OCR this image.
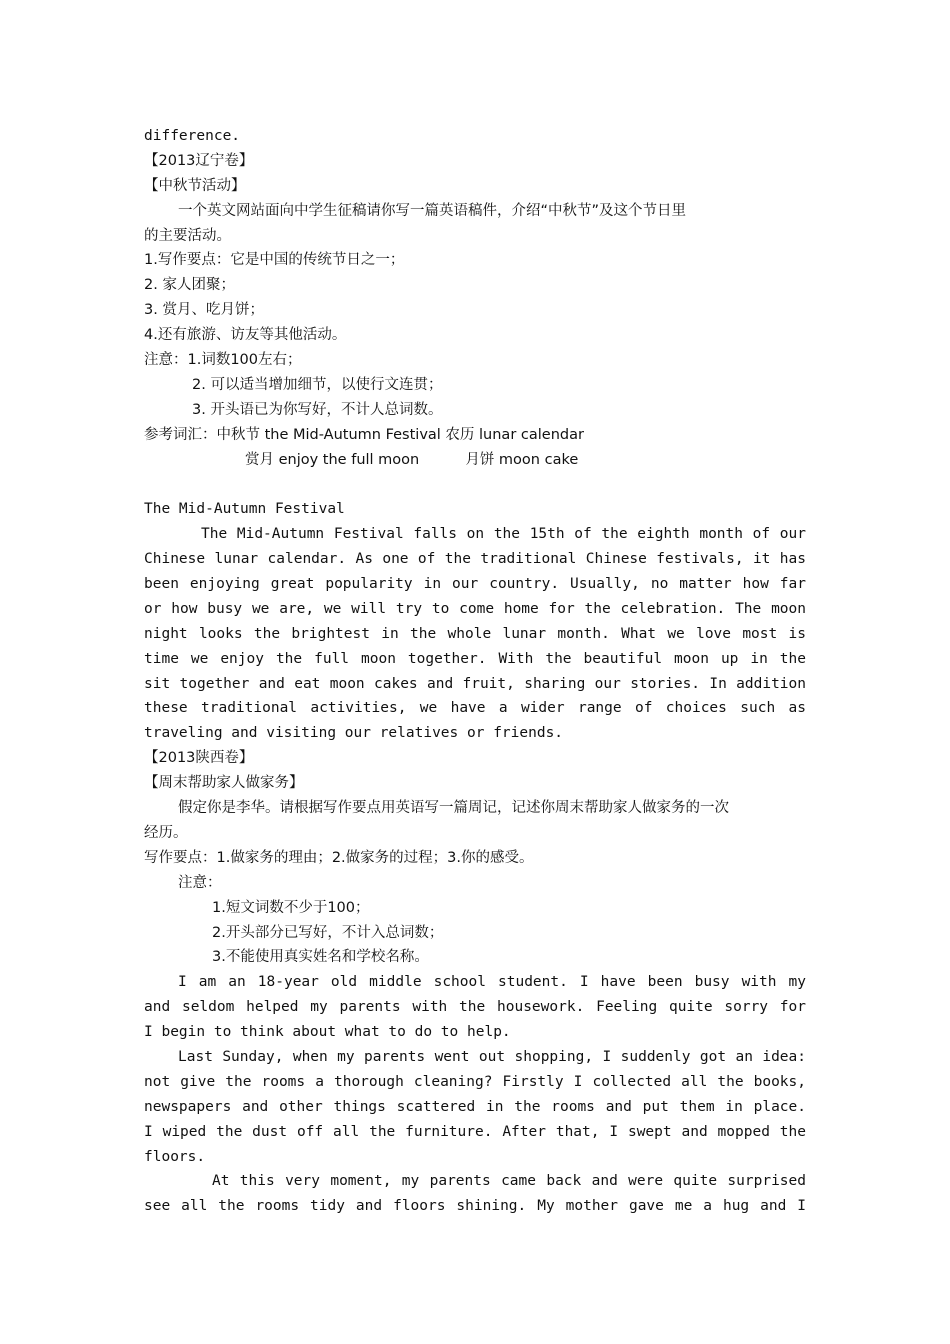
difference.
【2013辽宁卷】
【中秋节活动】
一个英文网站面向中学生征稿请你写一篇英语稿件，介绍“中秋节”及这个节日里
的主要活动。
1.写作要点：它是中国的传统节日之一；
2. 家人团聚；
3. 赏月、吃月饼；
4.还有旅游、访友等其他活动。
注意：1.词数100左右；
2. 可以适当增加细节，以使行文连贯；
3. 开头语已为你写好，不计人总词数。
参考词汇：中秋节 the Mid-Autumn Festival 农历 lunar calendar
赏月 enjoy the full moon          月饼 moon cake
The Mid-Autumn Festival
The Mid-Autumn Festival falls on the 15th of the eighth month of our
Chinese lunar calendar. As one of the traditional Chinese festivals, it has
been enjoying great popularity in our country. Usually, no matter how far
or how busy we are, we will try to come home for the celebration. The moon
night looks the brightest in the whole lunar month. What we love most is
time we enjoy the full moon together. With the beautiful moon up in the
sit together and eat moon cakes and fruit, sharing our stories. In addition
these traditional activities, we have a wider range of choices such as
traveling and visiting our relatives or friends.
【2013陕西卷】
【周末帮助家人做家务】
假定你是李华。请根据写作要点用英语写一篇周记，记述你周末帮助家人做家务的一次
经历。
写作要点：1.做家务的理由；2.做家务的过程；3.你的感受。
注意：
1.短文词数不少于100；
2.开头部分已写好，不计入总词数；
3.不能使用真实姓名和学校名称。
I am an 18-year old middle school student. I have been busy with my
and seldom helped my parents with the housework. Feeling quite sorry for
I begin to think about what to do to help.
Last Sunday, when my parents went out shopping, I suddenly got an idea:
not give the rooms a thorough cleaning? Firstly I collected all the books,
newspapers and other things scattered in the rooms and put them in place.
I wiped the dust off all the furniture. After that, I swept and mopped the
floors.
At this very moment, my parents came back and were quite surprised
see all the rooms tidy and floors shining. My mother gave me a hug and I
